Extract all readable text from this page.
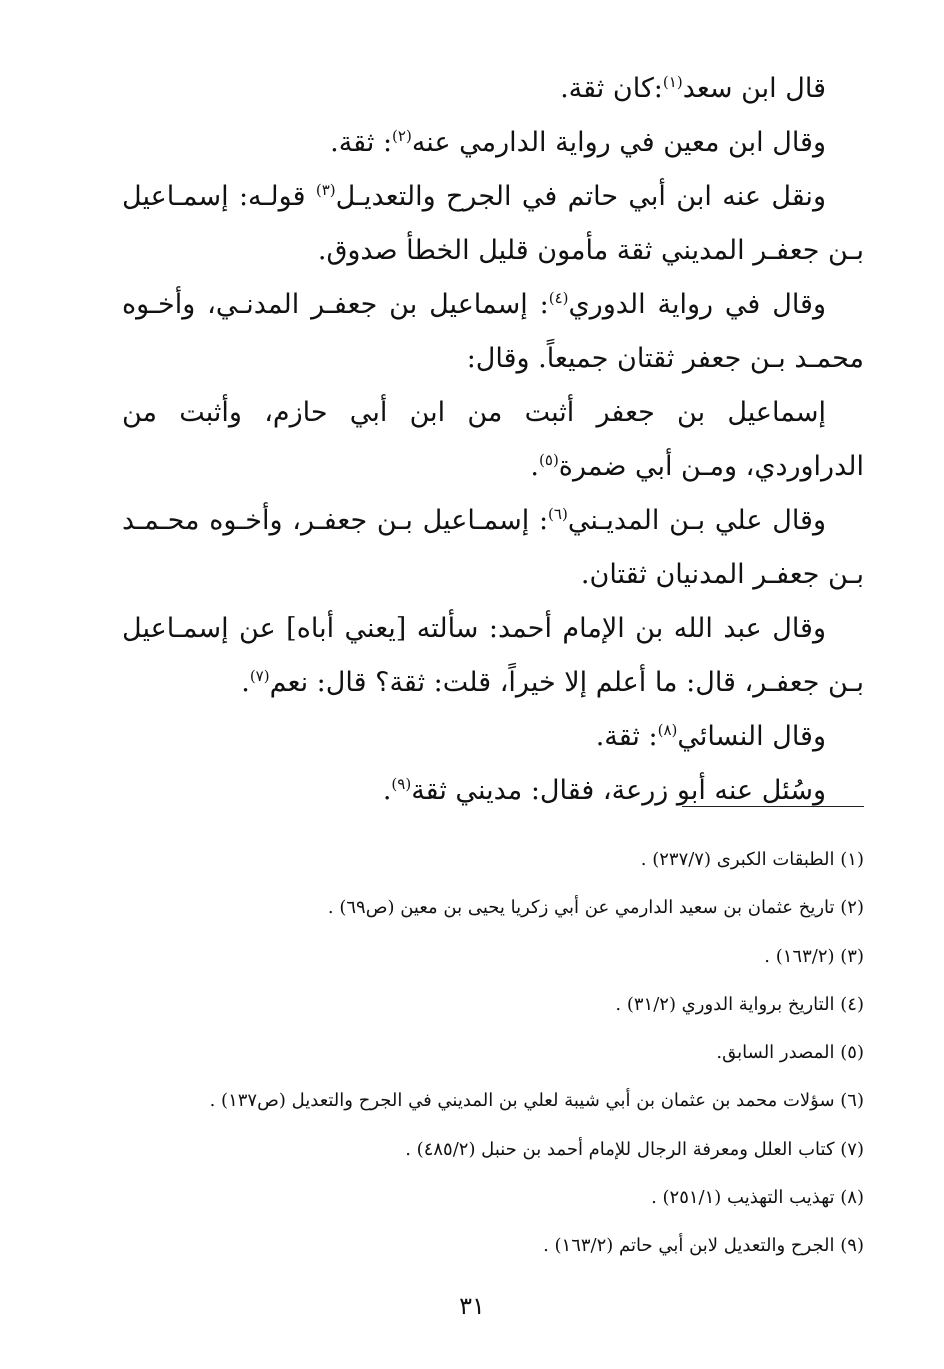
قال ابن سعد$^{(١)}$:كان ثقة.

وقال ابن معين في رواية الدارمي عنه$^{(٢)}$: ثقة.

ونقل عنه ابن أبي حاتم في الجرح والتعديـل$^{(٣)}$ قولـه: إسمـاعيل بـن جعفـر المديني ثقة مأمون قليل الخطأ صدوق.

وقال في رواية الدوري$^{(٤)}$: إسماعيل بن جعفـر المدنـي، وأخـوه محمـد بـن جعفر ثقتان جميعاً. وقال:

إسماعيل بن جعفر أثبت من ابن أبي حازم، وأثبت من الدراوردي، ومـن أبي ضمرة$^{(٥)}$.

وقال علي بـن المديـني$^{(٦)}$: إسمـاعيل بـن جعفـر، وأخـوه محـمـد بـن جعفـر المدنيان ثقتان.

وقال عبد الله بن الإمام أحمد: سألته [يعني أباه] عن إسمـاعيل بـن جعفـر، قال: ما أعلم إلا خيراً، قلت: ثقة؟ قال: نعم$^{(٧)}$.

وقال النسائي$^{(٨)}$: ثقة.

وسُئل عنه أبو زرعة، فقال: مديني ثقة$^{(٩)}$.

(١) الطبقات الكبرى (٢٣٧/٧) .
(٢) تاريخ عثمان بن سعيد الدارمي عن أبي زكريا يحيى بن معين (ص٦٩) .
(٣) (١٦٣/٢) .
(٤) التاريخ برواية الدوري (٣١/٢) .
(٥) المصدر السابق.
(٦) سؤلات محمد بن عثمان بن أبي شيبة لعلي بن المديني في الجرح والتعديل (ص١٣٧) .
(٧) كتاب العلل ومعرفة الرجال للإمام أحمد بن حنبل (٤٨٥/٢) .
(٨) تهذيب التهذيب (٢٥١/١) .
(٩) الجرح والتعديل لابن أبي حاتم (١٦٣/٢) .
٣١
